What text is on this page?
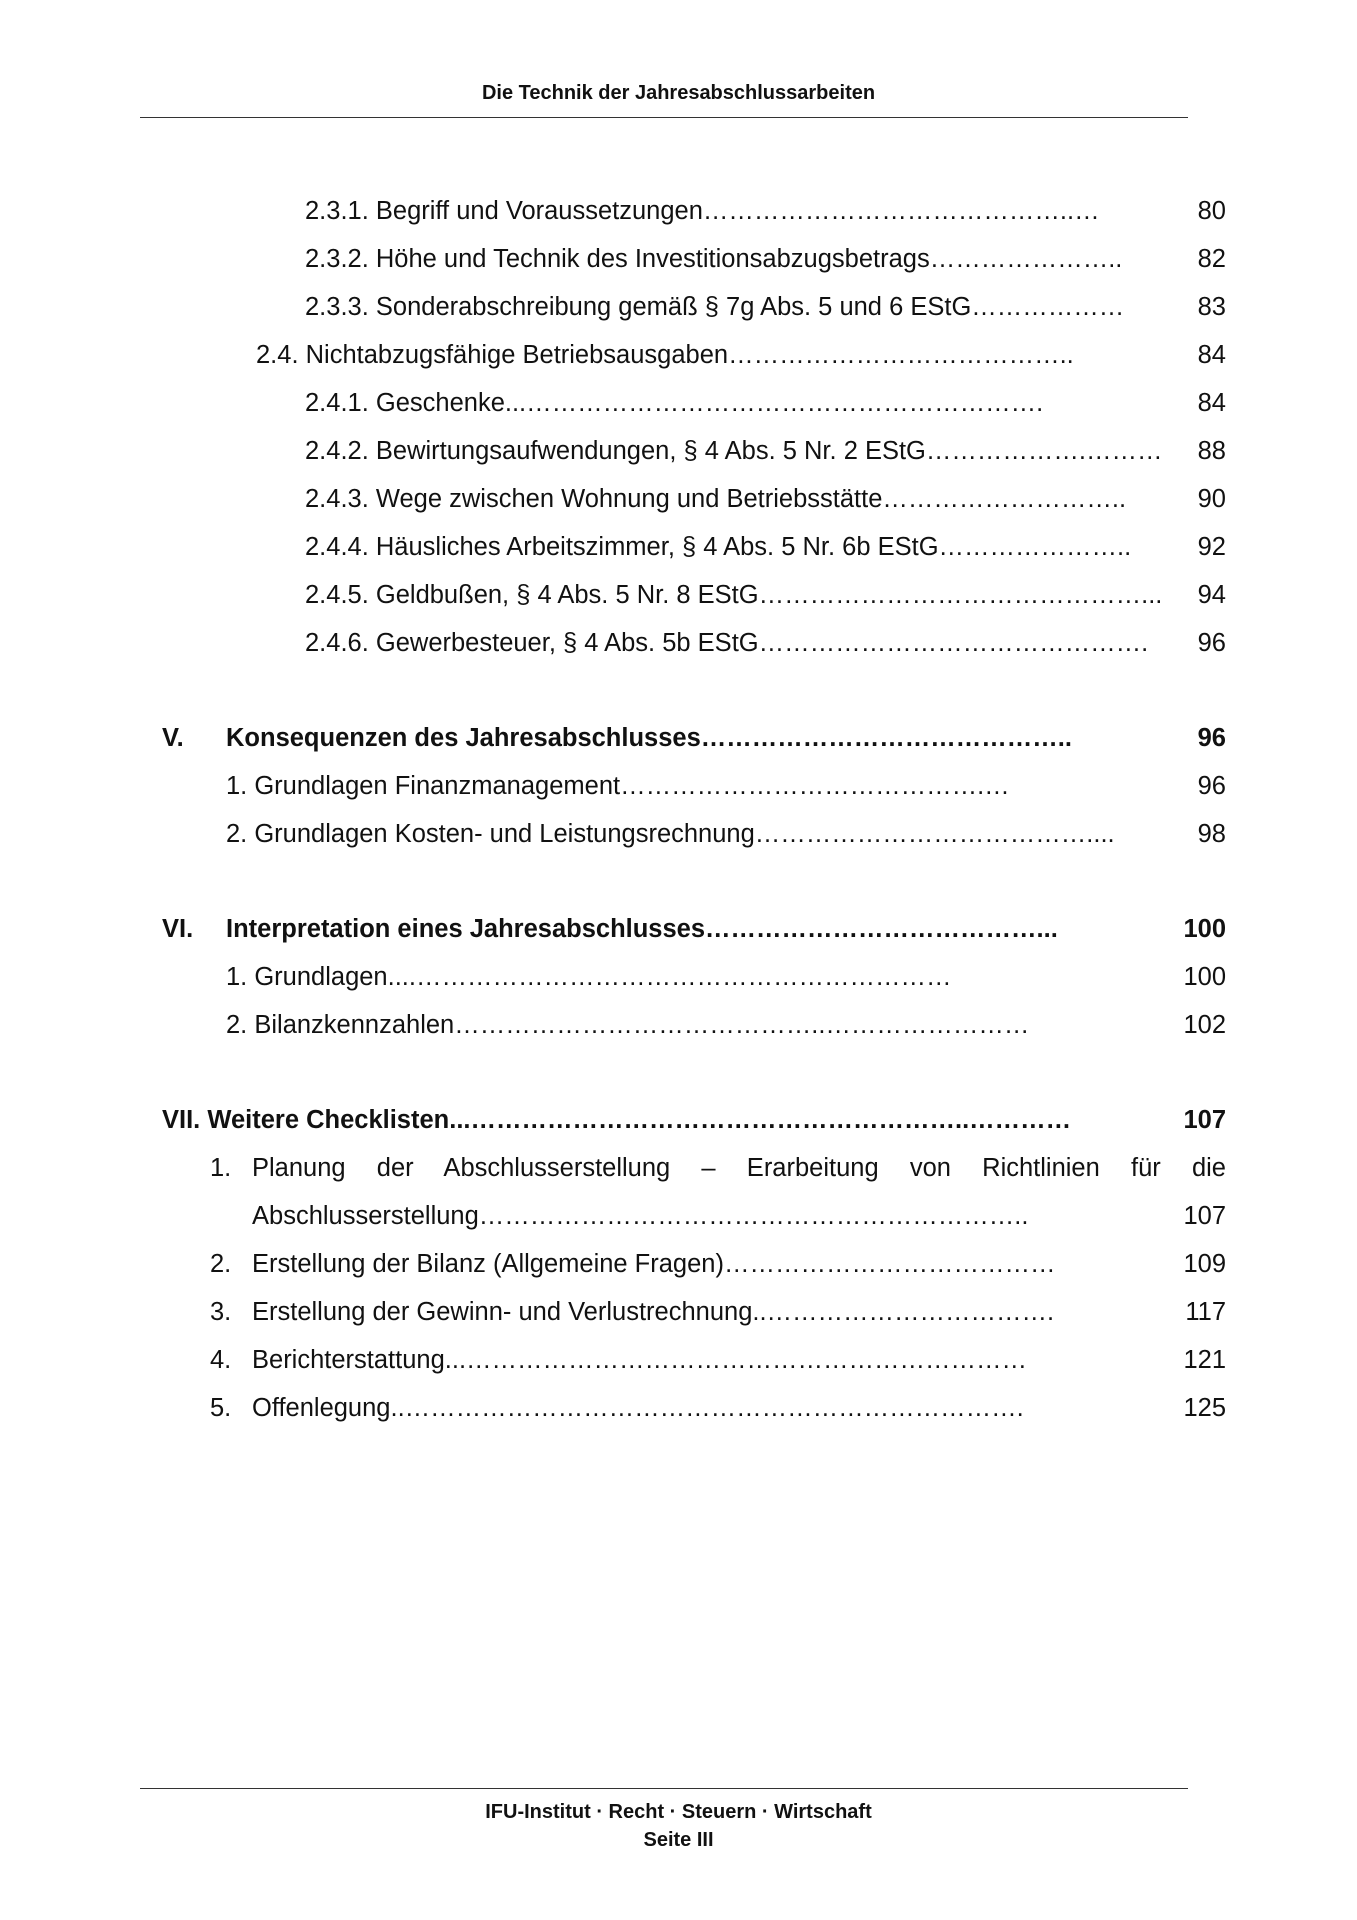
Die Technik der Jahresabschlussarbeiten
2.3.1. Begriff und Voraussetzungen ……………………………………..…	80
2.3.2. Höhe und Technik des Investitionsabzugsbetrags …………………..	82
2.3.3. Sonderabschreibung gemäß § 7g Abs. 5 und 6 EStG ………………	83
2.4. Nichtabzugsfähige Betriebsausgaben …………………………………..	84
2.4.1. Geschenke ...…………………………………………………….	84
2.4.2. Bewirtungsaufwendungen, § 4 Abs. 5 Nr. 2 EStG ……………….………	88
2.4.3. Wege zwischen Wohnung und Betriebsstätte ………………………..	90
2.4.4. Häusliches Arbeitszimmer, § 4 Abs. 5 Nr. 6b EStG …………………..	92
2.4.5. Geldbußen, § 4 Abs. 5 Nr. 8 EStG ………………………………………...	94
2.4.6. Gewerbesteuer, § 4 Abs. 5b EStG ……………………………………….	96
V. Konsequenzen des Jahresabschlusses ……………………………………..	96
1. Grundlagen Finanzmanagement …………………………………….…	96
2. Grundlagen Kosten- und Leistungsrechnung …………………………………....	98
VI. Interpretation eines Jahresabschlusses …………………………………...	100
1. Grundlagen ....………………………………………………………	100
2. Bilanzkennzahlen ……………………………………..……………………	102
VII. Weitere Checklisten ...…………………………………………………..…………	107
1. Planung der Abschlusserstellung – Erarbeitung von Richtlinien für die
Abschlusserstellung ………………………………………………………..	107
2. Erstellung der Bilanz (Allgemeine Fragen) …………………………………	109
3. Erstellung der Gewinn- und Verlustrechnung ..…………………………….	117
4. Berichterstattung ...…………………………………………………………	121
5. Offenlegung ..……………………………………………………………….	125
IFU-Institut · Recht · Steuern · Wirtschaft
Seite III
